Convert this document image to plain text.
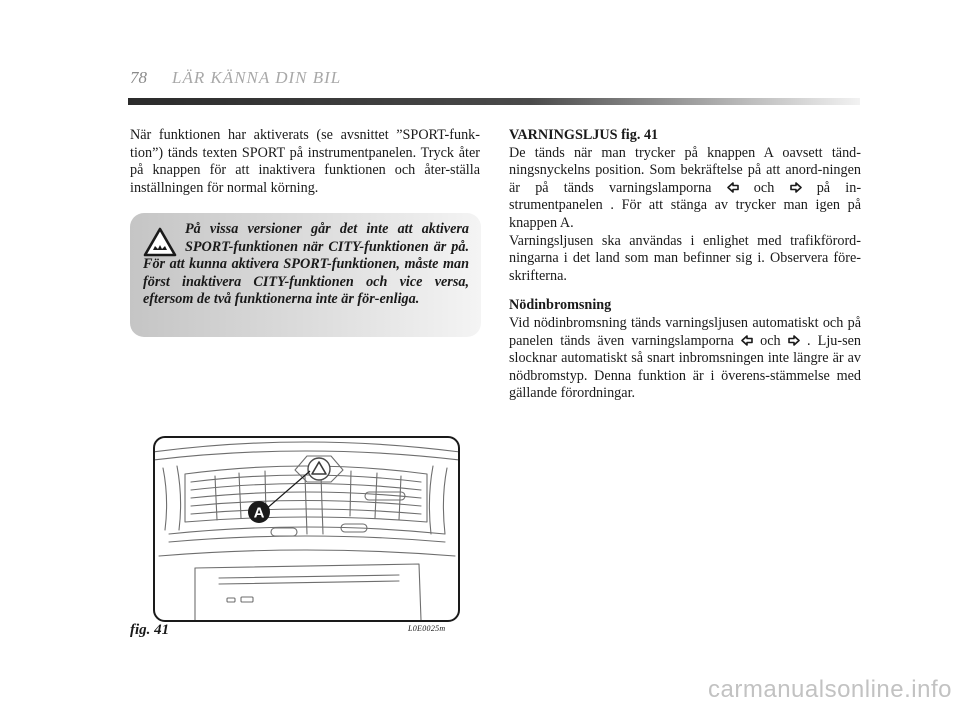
78 LÄR KÄNNA DIN BIL

När funktionen har aktiverats (se avsnittet ”SPORT-funk-tion”) tänds texten SPORT på instrumentpanelen. Tryck åter på knappen för att inaktivera funktionen och åter-ställa inställningen för normal körning.

På vissa versioner går det inte att aktivera SPORT-funktionen när CITY-funktionen är på. För att kunna aktivera SPORT-funktionen, måste man först inaktivera CITY-funktionen och vice versa, eftersom de två funktionerna inte är för-enliga.

VARNINGSLJUS fig. 41

De tänds när man trycker på knappen A oavsett tänd-ningsnyckelns position. Som bekräftelse på att anord-ningen är på tänds varningslamporna	och	på in-strumentpanelen . För att stänga av trycker man igen på knappen A.

Varningsljusen ska användas i enlighet med trafikförord-ningarna i det land som man befinner sig i. Observera före-skrifterna.

Nödinbromsning

Vid nödinbromsning tänds varningsljusen automatiskt och på panelen tänds även varningslamporna och . Lju-sen slocknar automatiskt så snart inbromsningen inte längre är av nödbromstyp. Denna funktion är i överens-stämmelse med gällande förordningar.

A
fig. 41	L0E0025m
carmanualsonline.info
